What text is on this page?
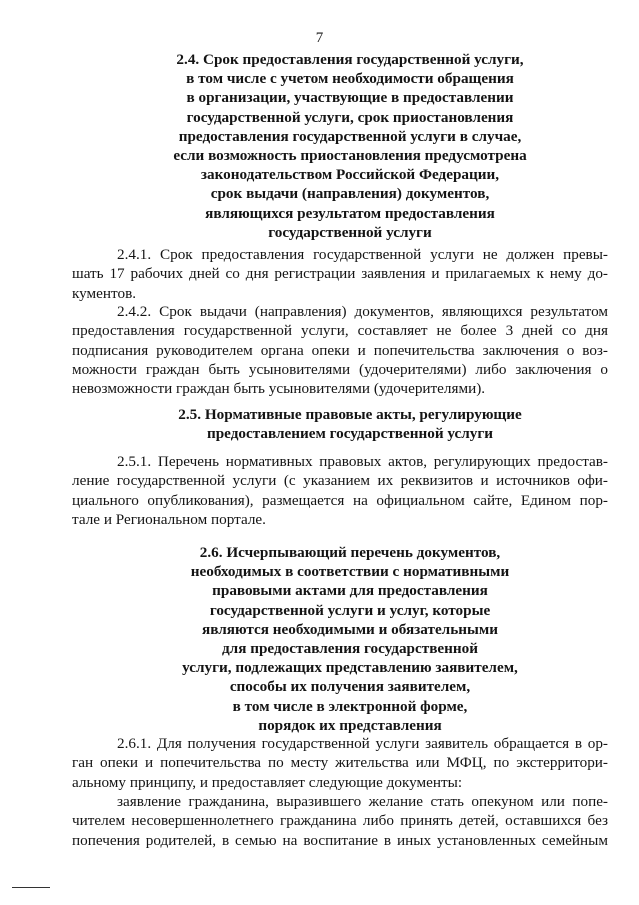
7
2.4. Срок предоставления государственной услуги,
в том числе с учетом необходимости обращения
в организации, участвующие в предоставлении
государственной услуги, срок приостановления
предоставления государственной услуги в случае,
если возможность приостановления предусмотрена
законодательством Российской Федерации,
срок выдачи (направления) документов,
являющихся результатом предоставления
государственной услуги
2.4.1. Срок предоставления государственной услуги не должен превы-
шать 17 рабочих дней со дня регистрации заявления и прилагаемых к нему до-
кументов.
2.4.2. Срок выдачи (направления) документов, являющихся результатом
предоставления государственной услуги, составляет не более 3 дней со дня
подписания руководителем органа опеки и попечительства заключения о воз-
можности граждан быть усыновителями (удочерителями) либо заключения о
невозможности граждан быть усыновителями (удочерителями).
2.5. Нормативные правовые акты, регулирующие
предоставлением государственной услуги
2.5.1. Перечень нормативных правовых актов, регулирующих предостав-
ление государственной услуги (с указанием их реквизитов и источников офи-
циального опубликования), размещается на официальном сайте, Едином пор-
тале и Региональном портале.
2.6. Исчерпывающий перечень документов,
необходимых в соответствии с нормативными
правовыми актами для предоставления
государственной услуги и услуг, которые
являются необходимыми и обязательными
для предоставления государственной
услуги, подлежащих представлению заявителем,
способы их получения заявителем,
в том числе в электронной форме,
порядок их представления
2.6.1. Для получения государственной услуги заявитель обращается в ор-
ган опеки и попечительства по месту жительства или МФЦ, по экстерритори-
альному принципу, и предоставляет следующие документы:
заявление гражданина, выразившего желание стать опекуном или попе-
чителем несовершеннолетнего гражданина либо принять детей, оставшихся без
попечения родителей, в семью на воспитание в иных установленных семейным
